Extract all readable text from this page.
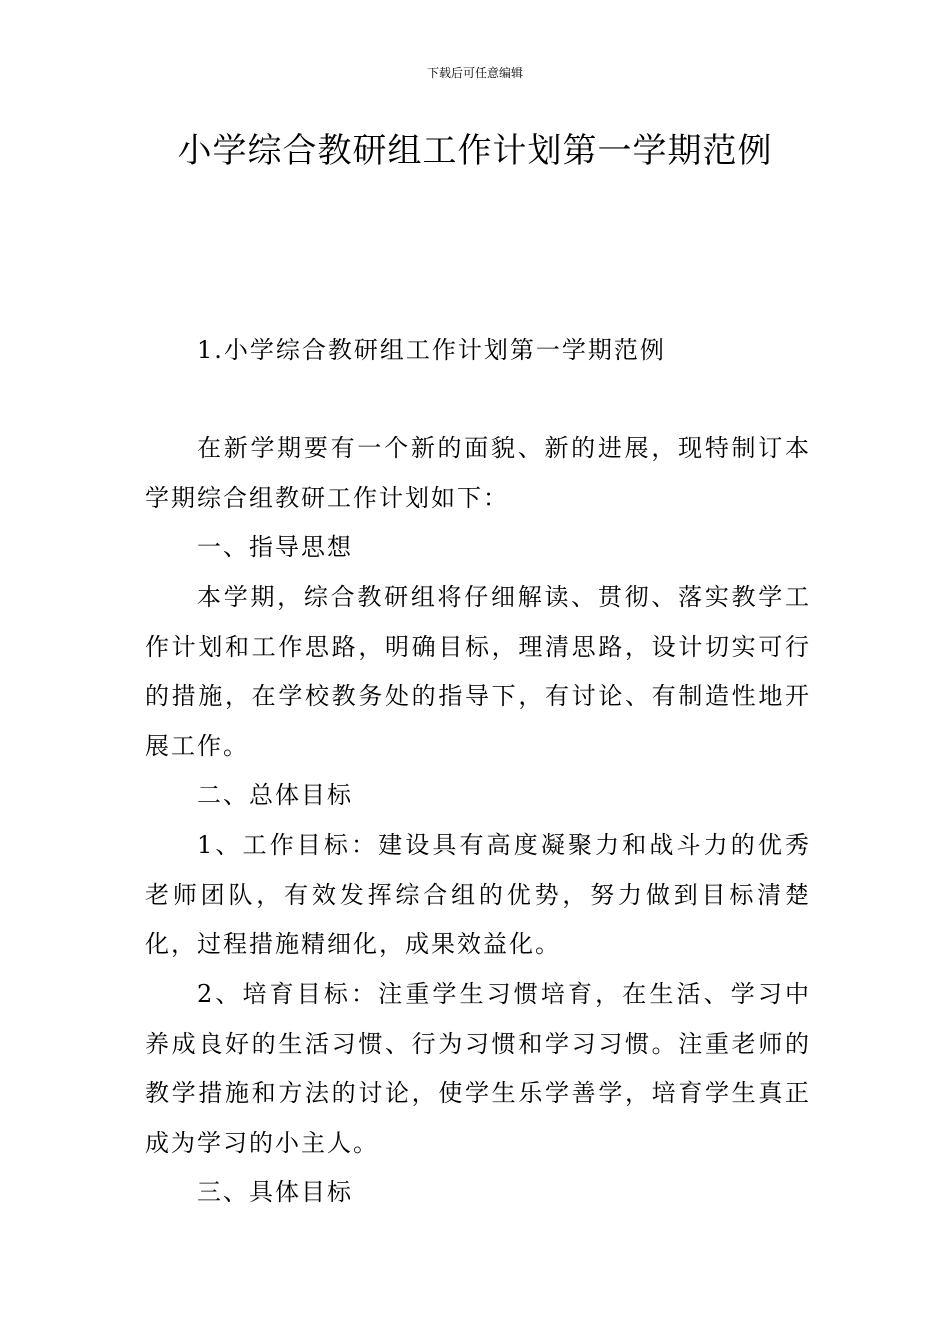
下载后可任意编辑
小学综合教研组工作计划第一学期范例

1.小学综合教研组工作计划第一学期范例

在新学期要有一个新的面貌、新的进展，现特制订本学期综合组教研工作计划如下：

一、指导思想

本学期，综合教研组将仔细解读、贯彻、落实教学工作计划和工作思路，明确目标，理清思路，设计切实可行的措施，在学校教务处的指导下，有讨论、有制造性地开展工作。

二、总体目标

1、工作目标：建设具有高度凝聚力和战斗力的优秀老师团队，有效发挥综合组的优势，努力做到目标清楚化，过程措施精细化，成果效益化。

2、培育目标：注重学生习惯培育，在生活、学习中养成良好的生活习惯、行为习惯和学习习惯。注重老师的教学措施和方法的讨论，使学生乐学善学，培育学生真正成为学习的小主人。

三、具体目标
